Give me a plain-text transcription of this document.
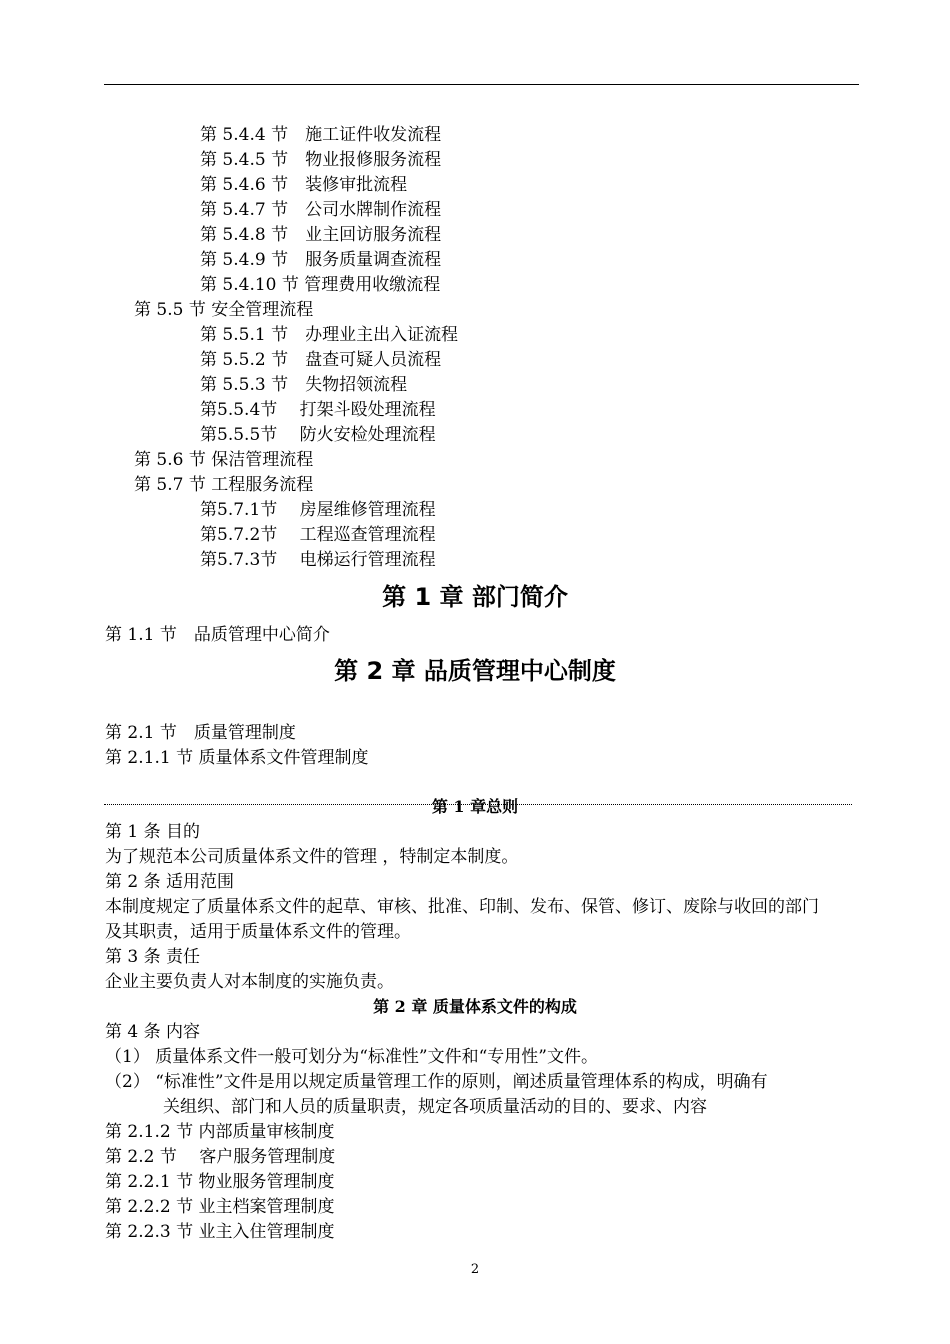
第 5.4.4 节　施工证件收发流程
第 5.4.5 节　物业报修服务流程
第 5.4.6 节　装修审批流程
第 5.4.7 节　公司水牌制作流程
第 5.4.8 节　业主回访服务流程
第 5.4.9 节　服务质量调查流程
第 5.4.10 节 管理费用收缴流程
第 5.5 节 安全管理流程
第 5.5.1 节　办理业主出入证流程
第 5.5.2 节　盘查可疑人员流程
第 5.5.3 节　失物招领流程
第5.5.4节　 打架斗殴处理流程
第5.5.5节　 防火安检处理流程
第 5.6 节 保洁管理流程
第 5.7 节 工程服务流程
第5.7.1节　 房屋维修管理流程
第5.7.2节　 工程巡查管理流程
第5.7.3节　 电梯运行管理流程
第 1 章 部门简介
第 1.1 节　品质管理中心简介
第 2 章 品质管理中心制度
第 2.1 节　质量管理制度
第 2.1.1 节 质量体系文件管理制度
第 1 章总则
第 1 条 目的
为了规范本公司质量体系文件的管理 ，特制定本制度。
第 2 条 适用范围
本制度规定了质量体系文件的起草、审核、批准、印制、发布、保管、修订、废除与收回的部门
及其职责，适用于质量体系文件的管理。
第 3 条 责任
企业主要负责人对本制度的实施负责。
第 2 章 质量体系文件的构成
第 4 条 内容
（1） 质量体系文件一般可划分为“标准性”文件和“专用性”文件。
（2） “标准性”文件是用以规定质量管理工作的原则，阐述质量管理体系的构成，明确有
关组织、部门和人员的质量职责，规定各项质量活动的目的、要求、内容
第 2.1.2 节 内部质量审核制度
第 2.2 节　 客户服务管理制度
第 2.2.1 节 物业服务管理制度
第 2.2.2 节 业主档案管理制度
第 2.2.3 节 业主入住管理制度
2
